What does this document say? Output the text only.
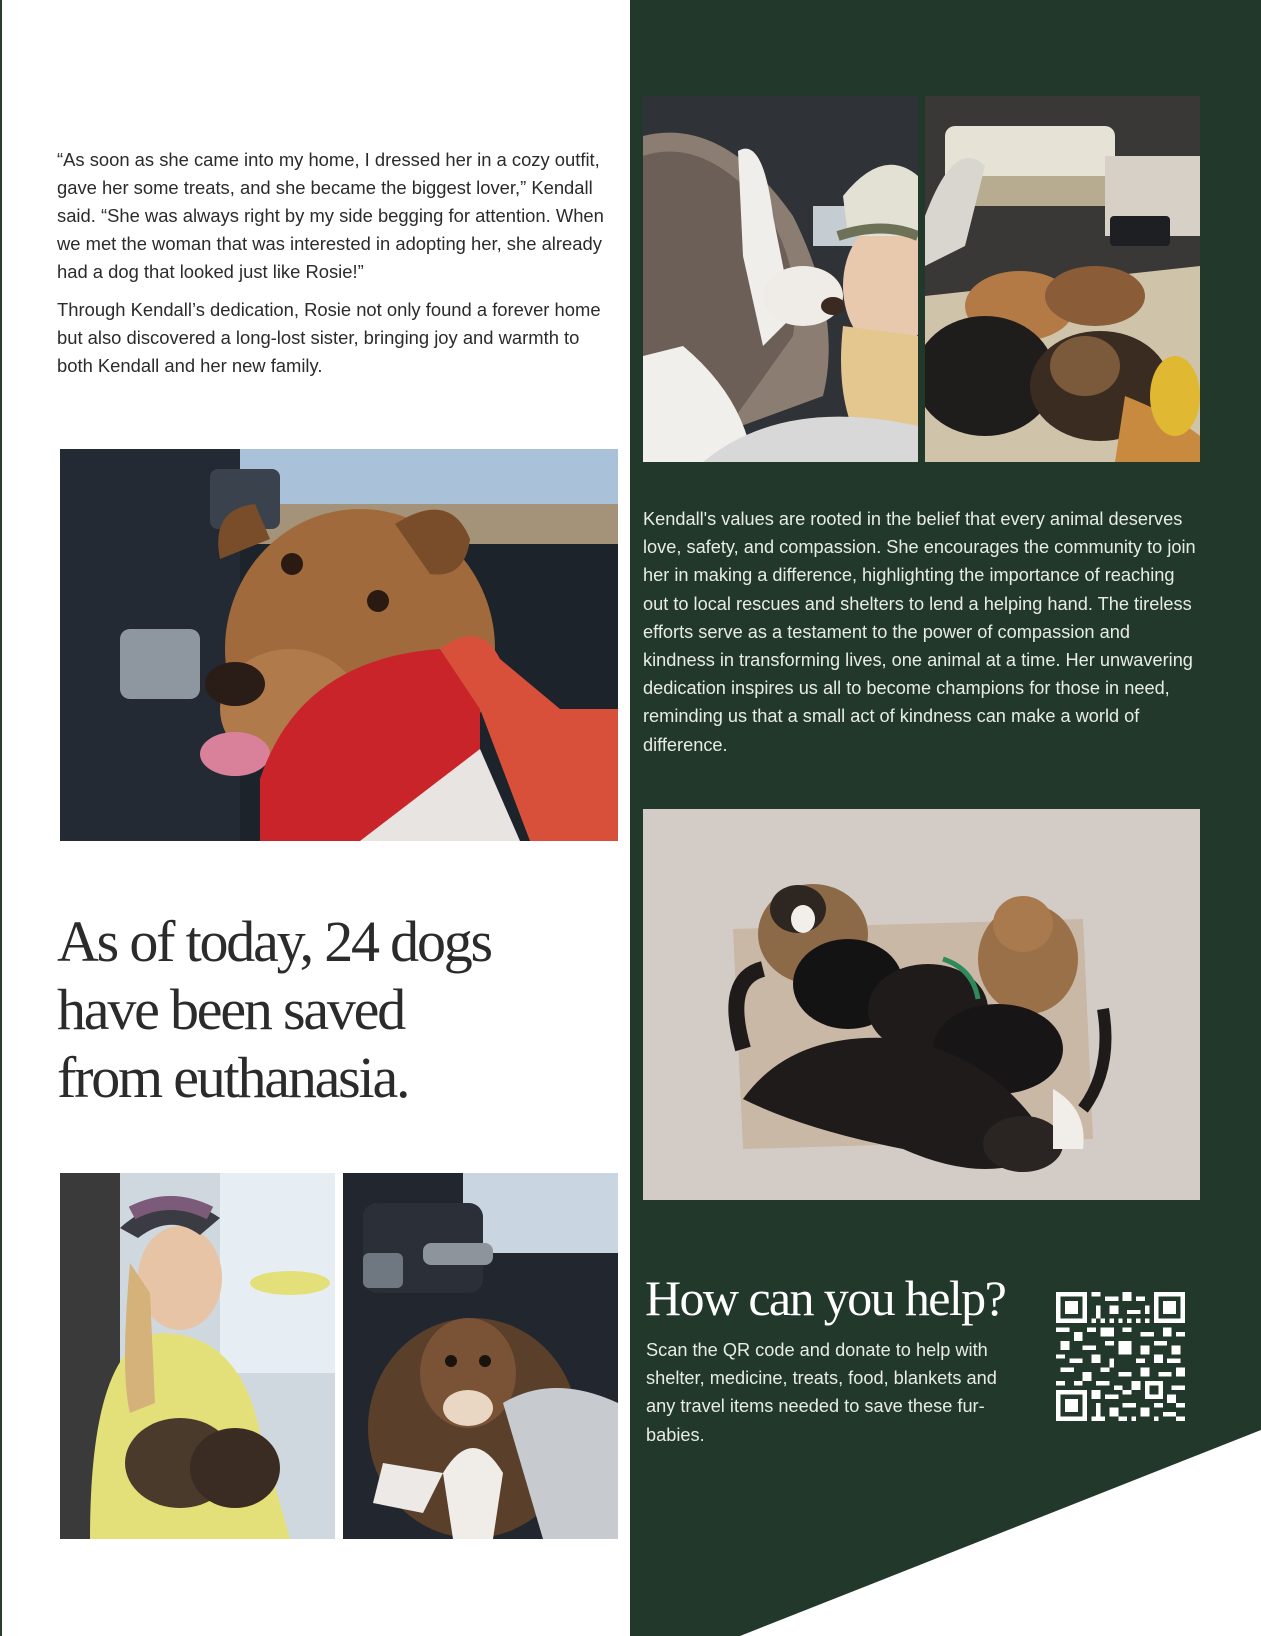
“As soon as she came into my home, I dressed her in a cozy outfit, gave her some treats, and she became the biggest lover,” Kendall said. “She was always right by my side begging for attention. When we met the woman that was interested in adopting her, she already had a dog that looked just like Rosie!”

Through Kendall’s dedication, Rosie not only found a forever home but also discovered a long-lost sister, bringing joy and warmth to both Kendall and her new family.

As of today, 24 dogs
have been saved
from euthanasia.

Kendall's values are rooted in the belief that every animal deserves love, safety, and compassion. She encourages the community to join her in making a difference, highlighting the importance of reaching out to local rescues and shelters to lend a helping hand. The tireless efforts serve as a testament to the power of compassion and kindness in transforming lives, one animal at a time. Her unwavering dedication inspires us all to become champions for those in need, reminding us that a small act of kindness can make a world of difference.

How can you help?

Scan the QR code and donate to help with shelter, medicine, treats, food, blankets and any travel items needed to save these fur-babies.
